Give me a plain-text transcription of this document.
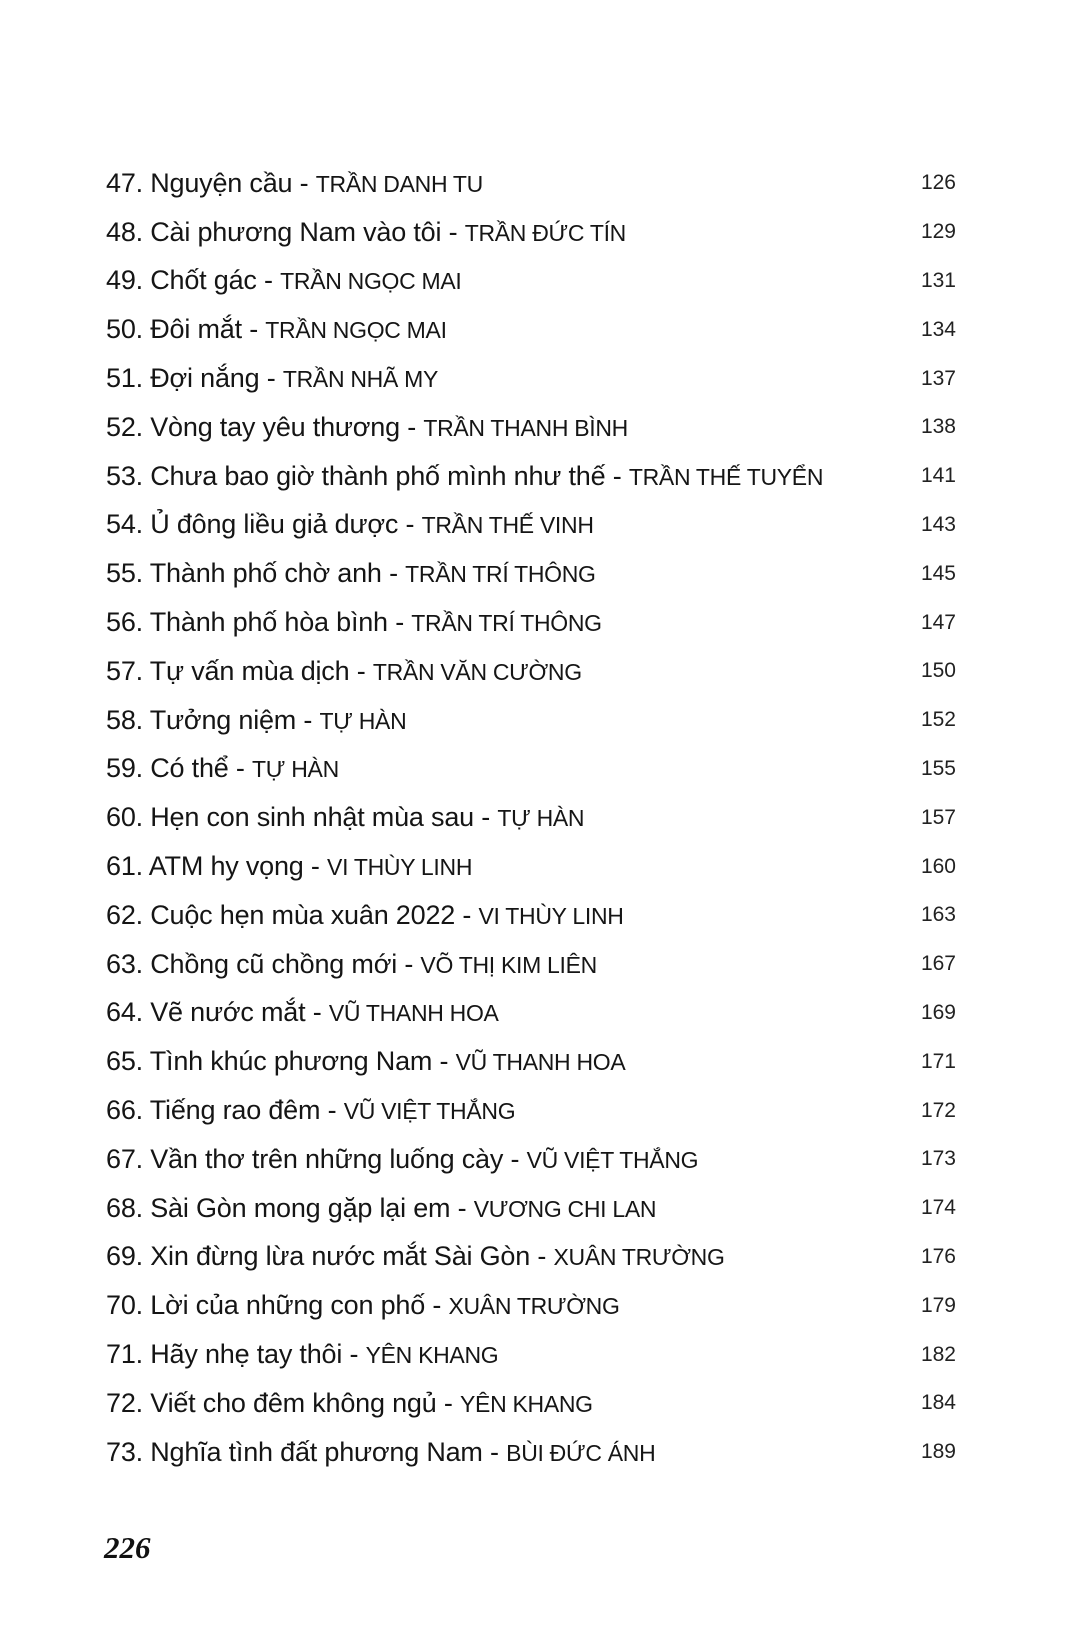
47. Nguyện cầu - TRẦN DANH TU	126
48. Cài phương Nam vào tôi - TRẦN ĐỨC TÍN	129
49. Chốt gác - TRẦN NGỌC MAI	131
50. Đôi mắt - TRẦN NGỌC MAI	134
51. Đợi nắng - TRẦN NHÃ MY	137
52. Vòng tay yêu thương - TRẦN THANH BÌNH	138
53. Chưa bao giờ thành phố mình như thế - TRẦN THẾ TUYỂN	141
54. Ủ đông liều giả dược - TRẦN THẾ VINH	143
55. Thành phố chờ anh - TRẦN TRÍ THÔNG	145
56. Thành phố hòa bình - TRẦN TRÍ THÔNG	147
57. Tự vấn mùa dịch - TRẦN VĂN CƯỜNG	150
58. Tưởng niệm - TỰ HÀN	152
59. Có thể - TỰ HÀN	155
60. Hẹn con sinh nhật mùa sau - TỰ HÀN	157
61. ATM hy vọng - VI THÙY LINH	160
62. Cuộc hẹn mùa xuân 2022 - VI THÙY LINH	163
63. Chồng cũ chồng mới - VÕ THỊ KIM LIÊN	167
64. Vẽ nước mắt - VŨ THANH HOA	169
65. Tình khúc phương Nam - VŨ THANH HOA	171
66. Tiếng rao đêm - VŨ VIỆT THẮNG	172
67. Vần thơ trên những luống cày - VŨ VIỆT THẮNG	173
68. Sài Gòn mong gặp lại em - VƯƠNG CHI LAN	174
69. Xin đừng lừa nước mắt Sài Gòn - XUÂN TRƯỜNG	176
70. Lời của những con phố - XUÂN TRƯỜNG	179
71. Hãy nhẹ tay thôi - YÊN KHANG	182
72. Viết cho đêm không ngủ - YÊN KHANG	184
73. Nghĩa tình đất phương Nam - BÙI ĐỨC ÁNH	189
226
